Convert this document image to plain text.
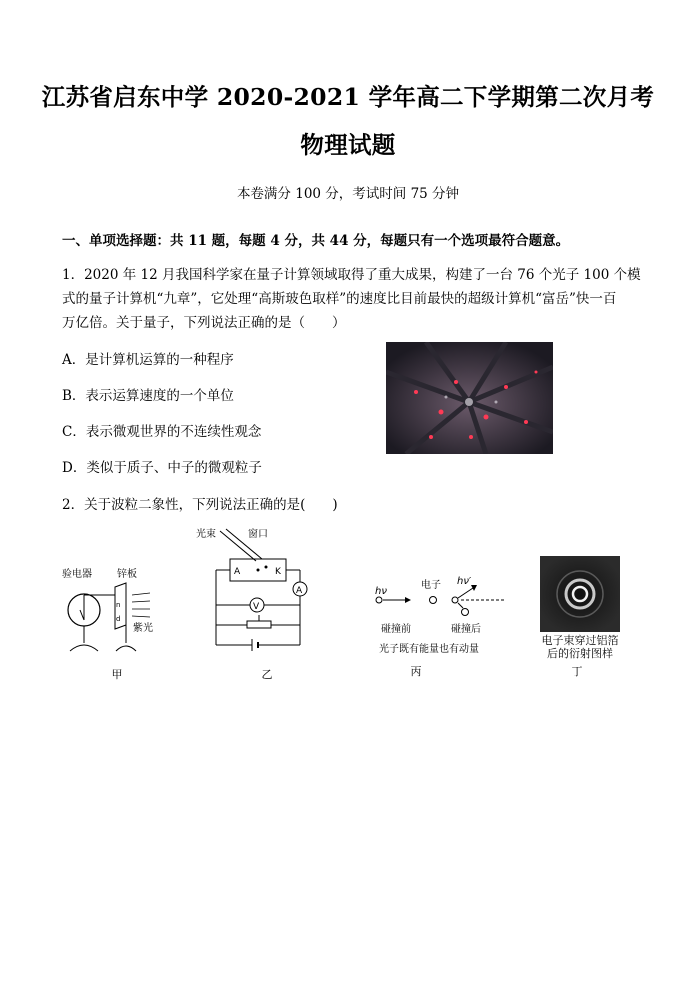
江苏省启东中学 2020-2021 学年高二下学期第二次月考
物理试题
本卷满分 100 分，考试时间 75 分钟
一、单项选择题：共 11 题，每题 4 分，共 44 分，每题只有一个选项最符合题意。
1．2020 年 12 月我国科学家在量子计算领域取得了重大成果，构建了一台 76 个光子 100 个模
式的量子计算机“九章”，它处理“高斯玻色取样”的速度比目前最快的超级计算机“富岳”快一百
万亿倍。关于量子，下列说法正确的是（　　）
A．是计算机运算的一种程序
B．表示运算速度的一个单位
C．表示微观世界的不连续性观念
D．类似于质子、中子的微观粒子
2．关于波粒二象性，下列说法正确的是(　　)
验电器	锌板
n
d
紫光
甲
光束	窗口
A	K
A
V
乙
hν
电子 hν′
碰撞前	碰撞后
光子既有能量也有动量
丙
电子束穿过铝箔
后的衍射图样
丁
